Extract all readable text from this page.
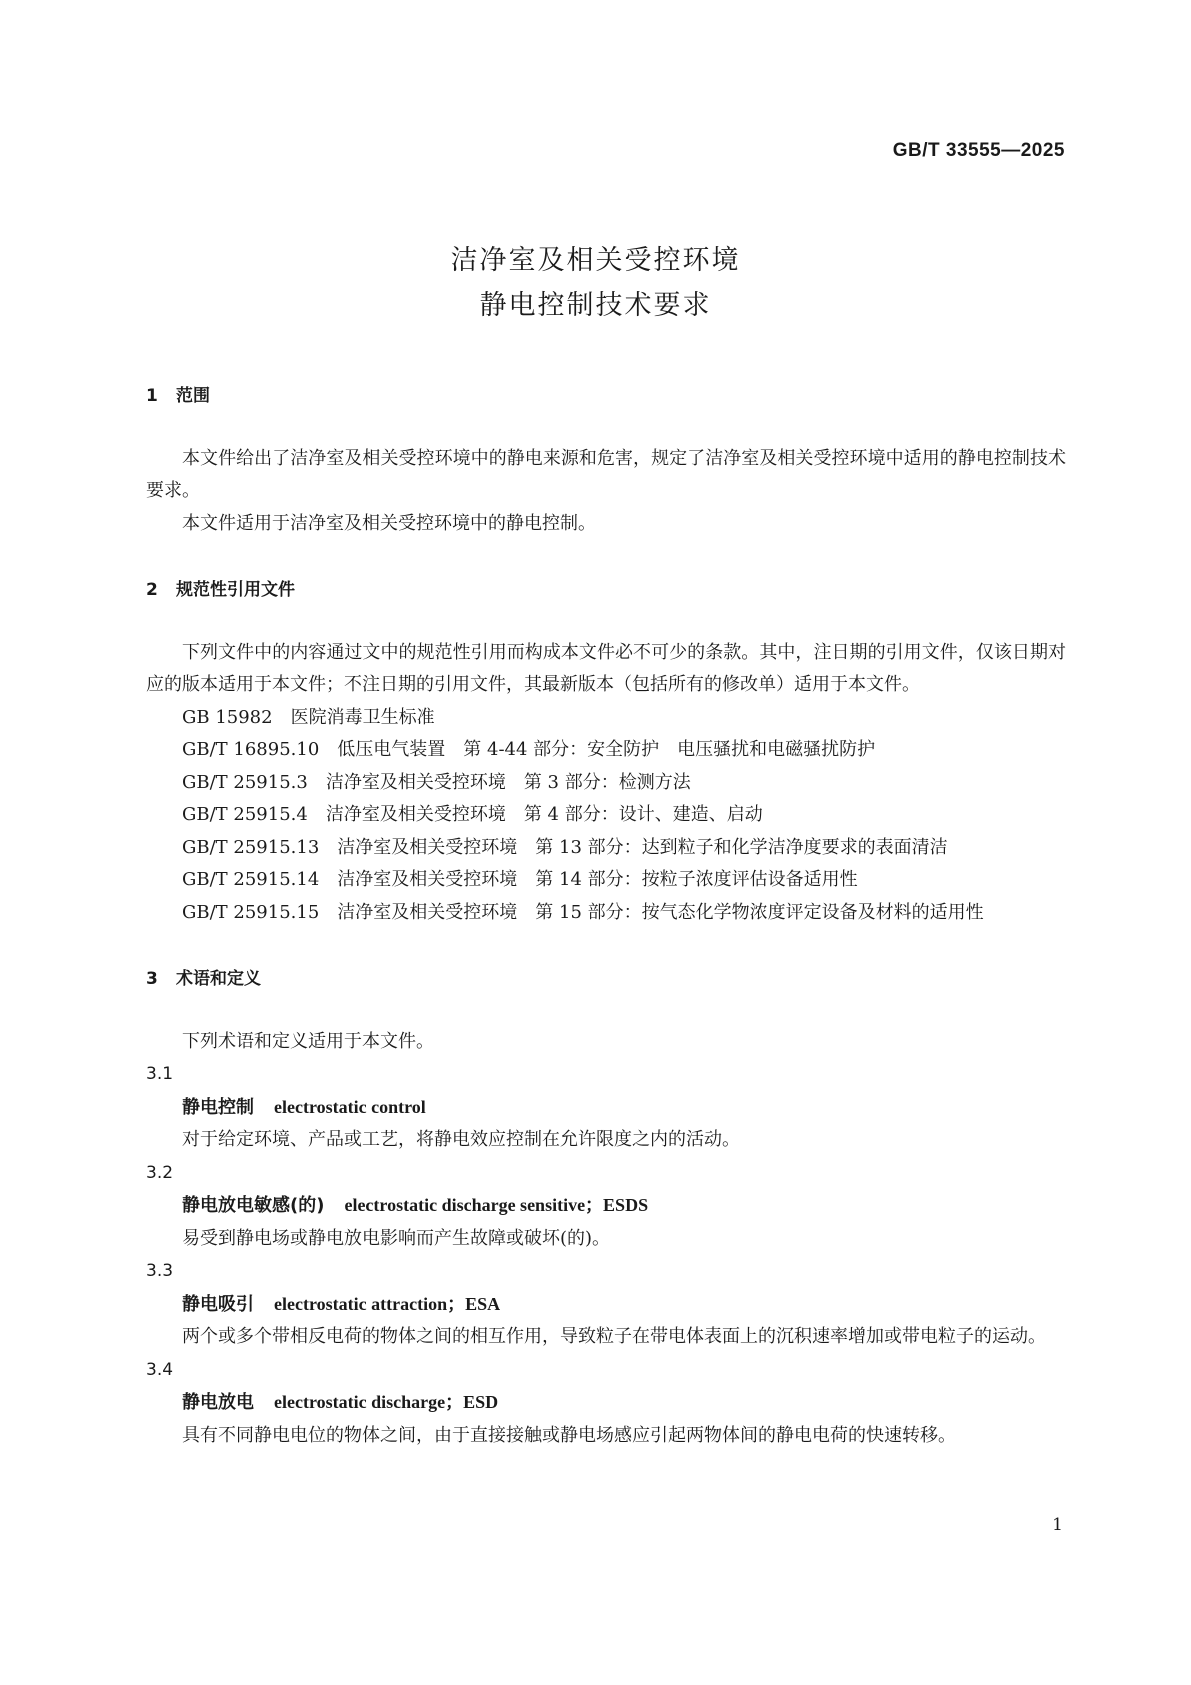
GB/T 33555—2025
洁净室及相关受控环境
静电控制技术要求

1 范围

本文件给出了洁净室及相关受控环境中的静电来源和危害，规定了洁净室及相关受控环境中适用的静电控制技术要求。

本文件适用于洁净室及相关受控环境中的静电控制。

2 规范性引用文件

下列文件中的内容通过文中的规范性引用而构成本文件必不可少的条款。其中，注日期的引用文件，仅该日期对应的版本适用于本文件；不注日期的引用文件，其最新版本（包括所有的修改单）适用于本文件。

GB 15982　医院消毒卫生标准

GB/T 16895.10　低压电气装置　第 4-44 部分：安全防护　电压骚扰和电磁骚扰防护

GB/T 25915.3　洁净室及相关受控环境　第 3 部分：检测方法

GB/T 25915.4　洁净室及相关受控环境　第 4 部分：设计、建造、启动

GB/T 25915.13　洁净室及相关受控环境　第 13 部分：达到粒子和化学洁净度要求的表面清洁

GB/T 25915.14　洁净室及相关受控环境　第 14 部分：按粒子浓度评估设备适用性

GB/T 25915.15　洁净室及相关受控环境　第 15 部分：按气态化学物浓度评定设备及材料的适用性

3 术语和定义

下列术语和定义适用于本文件。

3.1

静电控制 electrostatic control

对于给定环境、产品或工艺，将静电效应控制在允许限度之内的活动。

3.2

静电放电敏感(的) electrostatic discharge sensitive；ESDS

易受到静电场或静电放电影响而产生故障或破坏(的)。

3.3

静电吸引 electrostatic attraction；ESA

两个或多个带相反电荷的物体之间的相互作用，导致粒子在带电体表面上的沉积速率增加或带电粒子的运动。

3.4

静电放电 electrostatic discharge；ESD

具有不同静电电位的物体之间，由于直接接触或静电场感应引起两物体间的静电电荷的快速转移。

1
